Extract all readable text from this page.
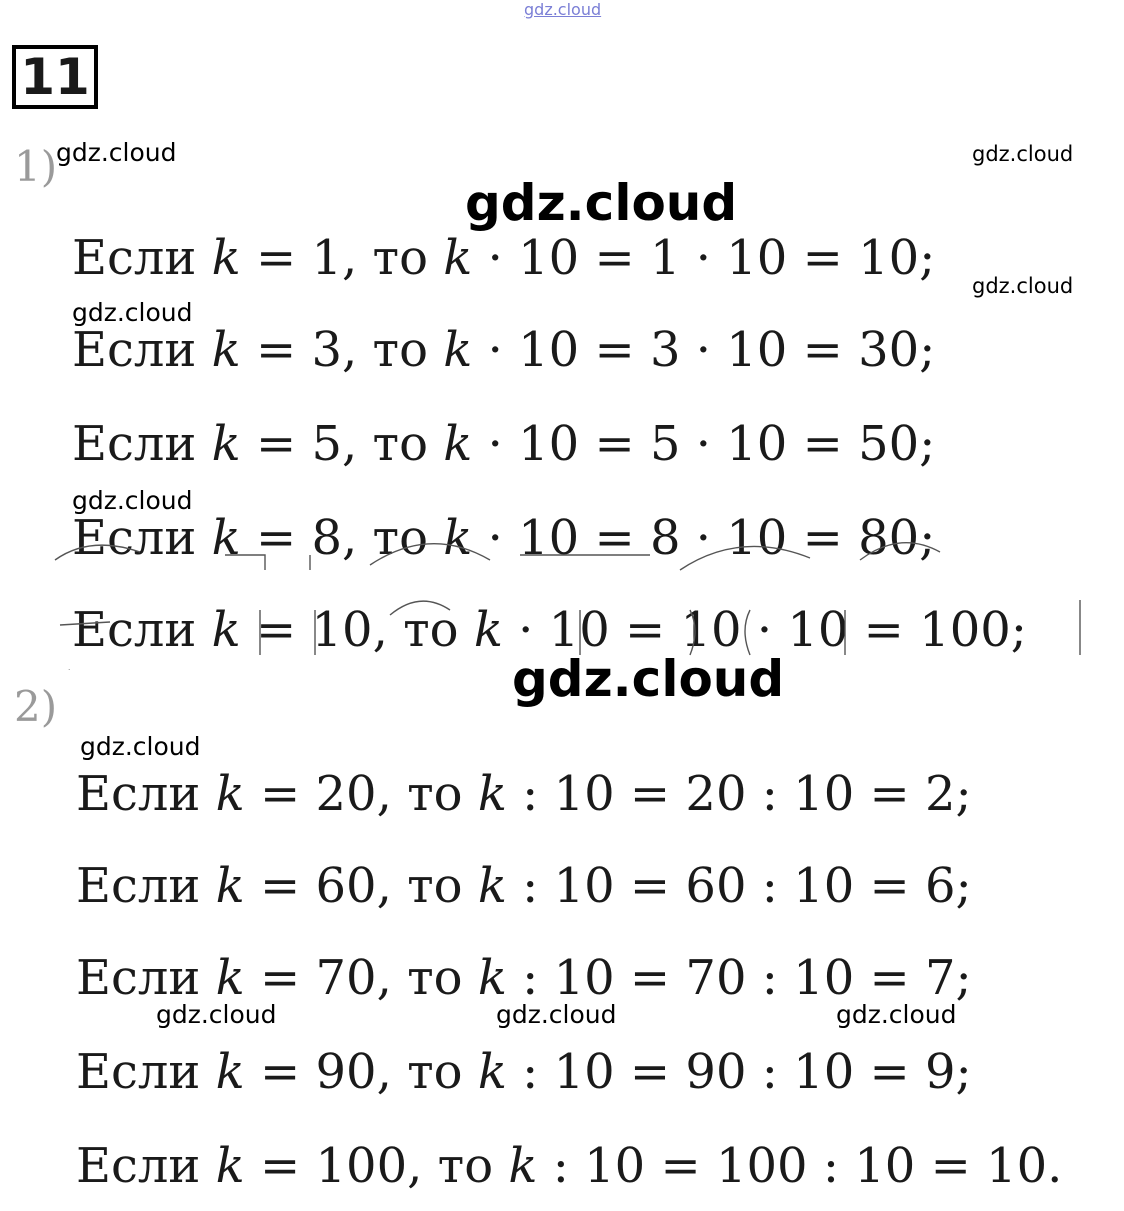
gdz.cloud
gdz.cloud	gdz.cloud
gdz.cloud
gdz.cloud
gdz.cloud
gdz.cloud
gdz.cloud
gdz.cloud
gdz.cloud	gdz.cloud	gdz.cloud
11
1)
Если k = 1, то k · 10 = 1 · 10 = 10;
Если k = 3, то k · 10 = 3 · 10 = 30;
Если k = 5, то k · 10 = 5 · 10 = 50;
Если k = 8, то k · 10 = 8 · 10 = 80;
Если k = 10, то k · 10 = 10 · 10 = 100;
2)
Если k = 20, то k : 10 = 20 : 10 = 2;
Если k = 60, то k : 10 = 60 : 10 = 6;
Если k = 70, то k : 10 = 70 : 10 = 7;
Если k = 90, то k : 10 = 90 : 10 = 9;
Если k = 100, то k : 10 = 100 : 10 = 10.
